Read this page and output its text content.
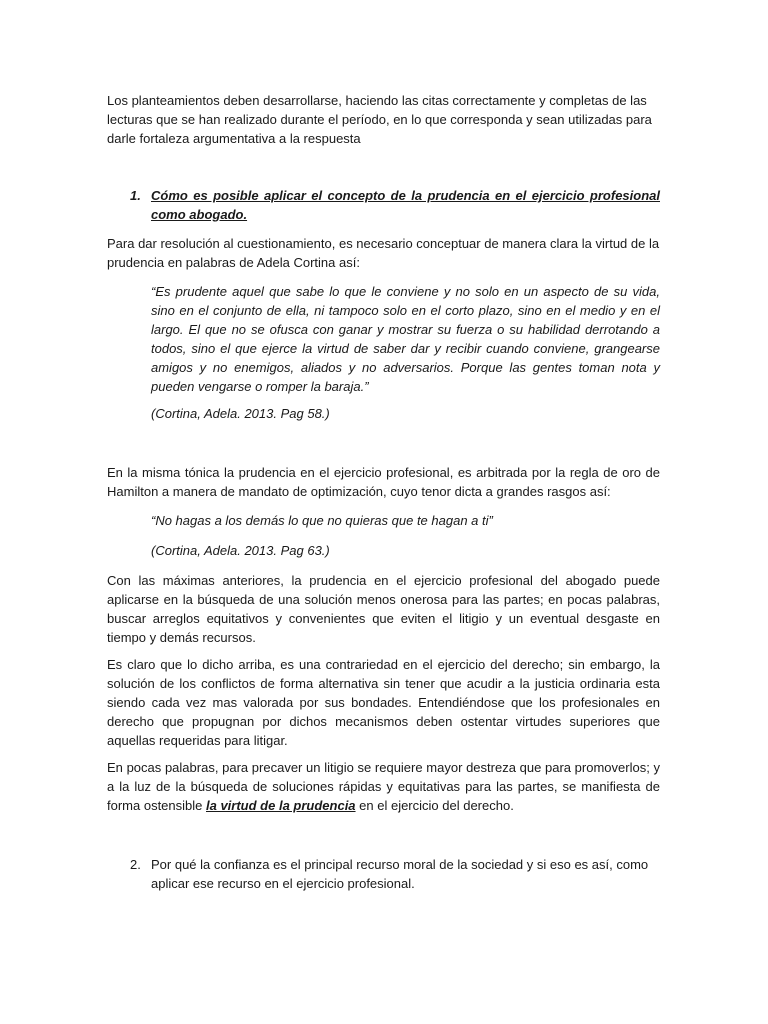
Los planteamientos deben desarrollarse, haciendo las citas correctamente y completas de las lecturas que se han realizado durante el período, en lo que corresponda y sean utilizadas para darle fortaleza argumentativa a la respuesta

1. Cómo es posible aplicar el concepto de la prudencia en el ejercicio profesional como abogado.

Para dar resolución al cuestionamiento, es necesario conceptuar de manera clara la virtud de la prudencia en palabras de Adela Cortina así:

“Es prudente aquel que sabe lo que le conviene y no solo en un aspecto de su vida, sino en el conjunto de ella, ni tampoco solo en el corto plazo, sino en el medio y en el largo. El que no se ofusca con ganar y mostrar su fuerza o su habilidad derrotando a todos, sino el que ejerce la virtud de saber dar y recibir cuando conviene, grangearse amigos y no enemigos, aliados y no adversarios. Porque las gentes toman nota y pueden vengarse o romper la baraja.”

(Cortina, Adela. 2013. Pag 58.)

En la misma tónica la prudencia en el ejercicio profesional, es arbitrada por la regla de oro de Hamilton a manera de mandato de optimización, cuyo tenor dicta a grandes rasgos así:

“No hagas a los demás lo que no quieras que te hagan a ti”

(Cortina, Adela. 2013. Pag 63.)

Con las máximas anteriores, la prudencia en el ejercicio profesional del abogado puede aplicarse en la búsqueda de una solución menos onerosa para las partes; en pocas palabras, buscar arreglos equitativos y convenientes que eviten el litigio y un eventual desgaste en tiempo y demás recursos.

Es claro que lo dicho arriba, es una contrariedad en el ejercicio del derecho; sin embargo, la solución de los conflictos de forma alternativa sin tener que acudir a la justicia ordinaria esta siendo cada vez mas valorada por sus bondades. Entendiéndose que los profesionales en derecho que propugnan por dichos mecanismos deben ostentar virtudes superiores que aquellas requeridas para litigar.

En pocas palabras, para precaver un litigio se requiere mayor destreza que para promoverlos; y a la luz de la búsqueda de soluciones rápidas y equitativas para las partes, se manifiesta de forma ostensible la virtud de la prudencia en el ejercicio del derecho.

2. Por qué la confianza es el principal recurso moral de la sociedad y si eso es así, como aplicar ese recurso en el ejercicio profesional.
